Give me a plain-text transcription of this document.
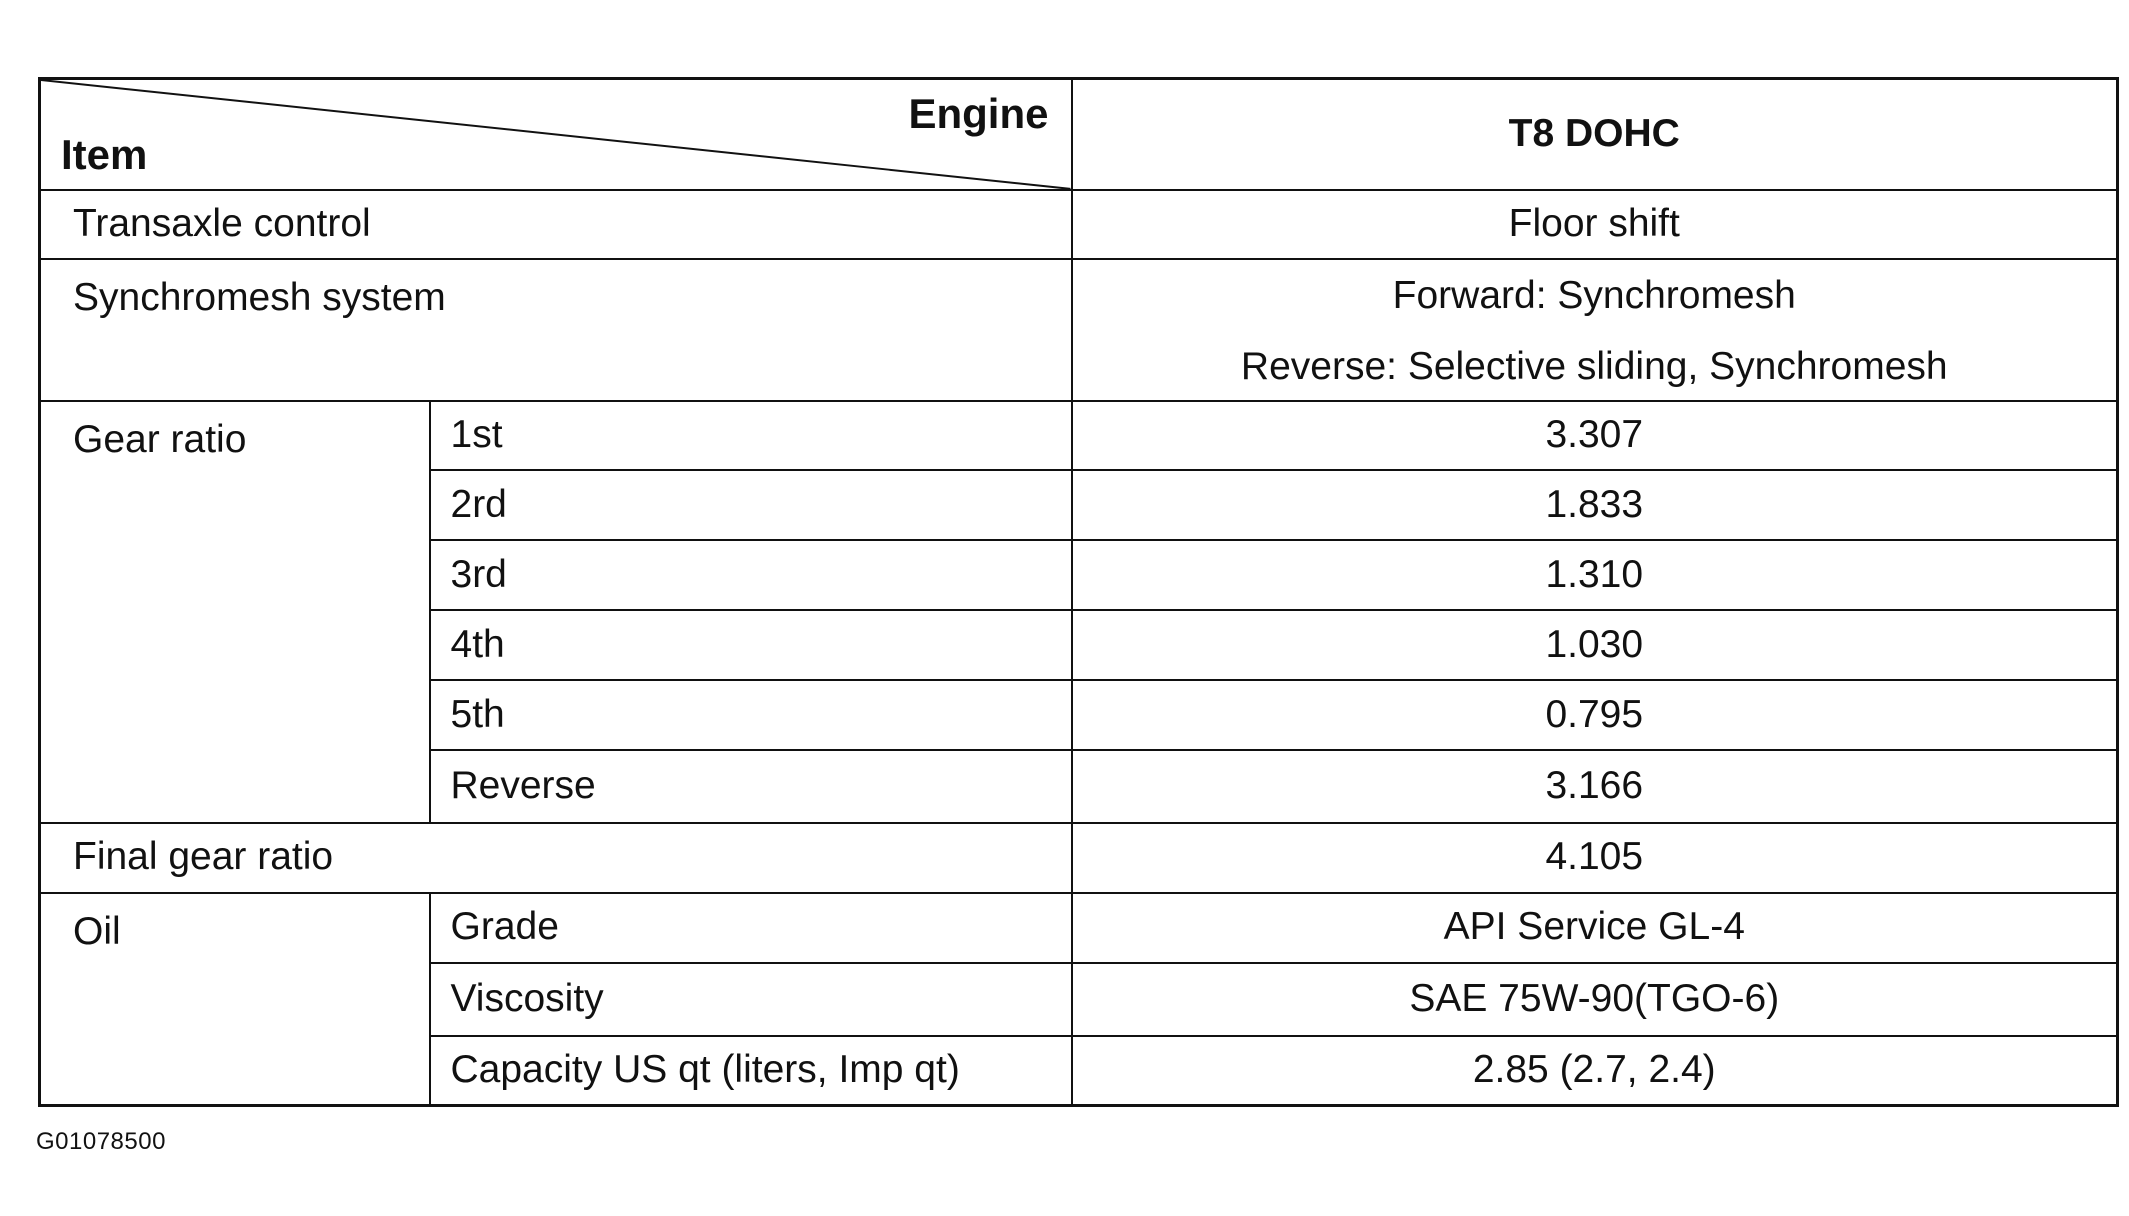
Engine
Item		T8 DOHC
Transaxle control		Floor shift
Synchromesh system		Forward: Synchromesh
Reverse: Selective sliding, Synchromesh

Gear ratio	1st	3.307
	2rd	1.833
	3rd	1.310
	4th	1.030
	5th	0.795
	Reverse	3.166
Final gear ratio		4.105
Oil	Grade	API Service GL-4
	Viscosity	SAE 75W-90(TGO-6)
	Capacity US qt (liters, Imp qt)	2.85 (2.7, 2.4)
G01078500
